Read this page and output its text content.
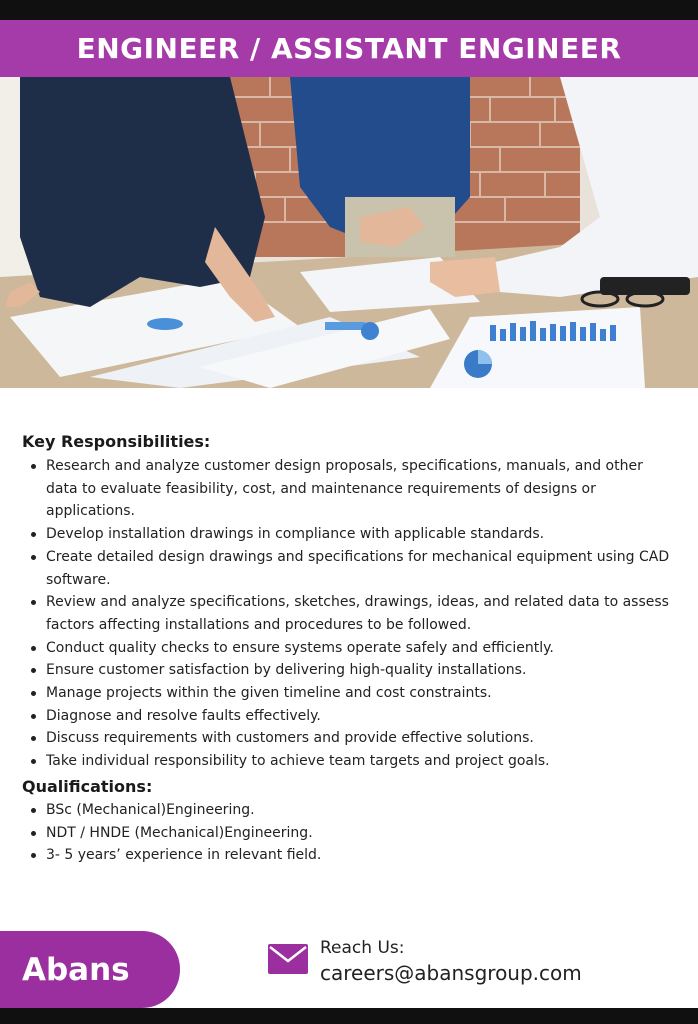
ENGINEER / ASSISTANT ENGINEER
Key Responsibilities:
Research and analyze customer design proposals, specifications, manuals, and other data to evaluate feasibility, cost, and maintenance requirements of designs or applications.
Develop installation drawings in compliance with applicable standards.
Create detailed design drawings and specifications for mechanical equipment using CAD software.
Review and analyze specifications, sketches, drawings, ideas, and related data to assess factors affecting installations and procedures to be followed.
Conduct quality checks to ensure systems operate safely and efficiently.
Ensure customer satisfaction by delivering high-quality installations.
Manage projects within the given timeline and cost constraints.
Diagnose and resolve faults effectively.
Discuss requirements with customers and provide effective solutions.
Take individual responsibility to achieve team targets and project goals.
Qualifications:
BSc (Mechanical)Engineering.
NDT / HNDE (Mechanical)Engineering.
3- 5 years’ experience in relevant field.
Abans
Reach Us:
careers@abansgroup.com
